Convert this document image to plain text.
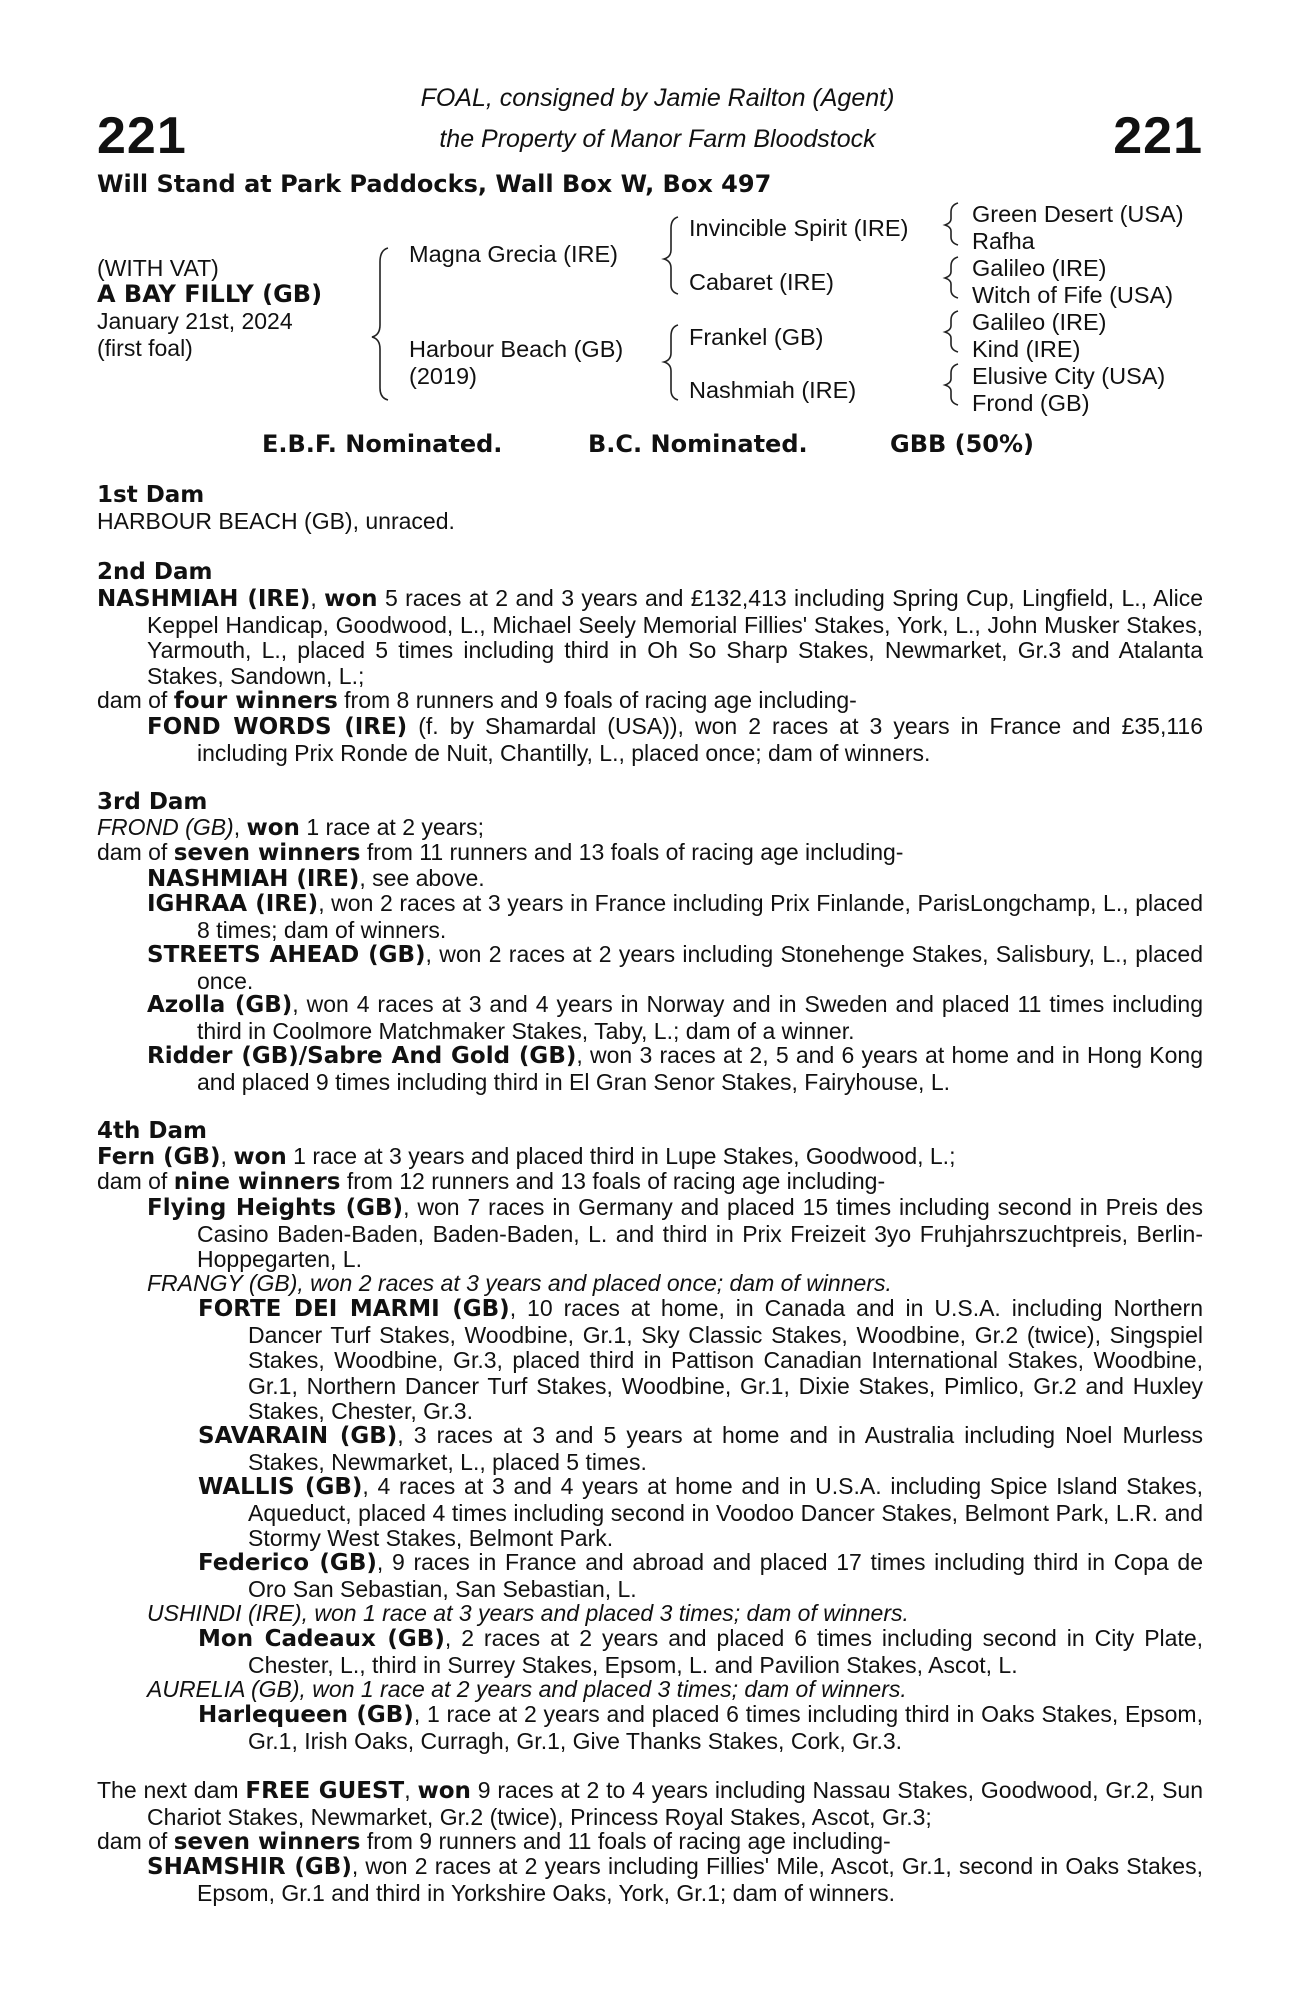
221	221
FOAL, consigned by Jamie Railton (Agent)
the Property of Manor Farm Bloodstock
Will Stand at Park Paddocks, Wall Box W, Box 497
(WITH VAT)
A BAY FILLY (GB)
January 21st, 2024
(first foal)
Magna Grecia (IRE)
Harbour Beach (GB)
(2019)
Invincible Spirit (IRE)
Cabaret (IRE)
Frankel (GB)
Nashmiah (IRE)
Green Desert (USA)
Rafha
Galileo (IRE)
Witch of Fife (USA)
Galileo (IRE)
Kind (IRE)
Elusive City (USA)
Frond (GB)
E.B.F. Nominated.	B.C. Nominated.	GBB (50%)
1st Dam
HARBOUR BEACH (GB), unraced.
2nd Dam
NASHMIAH (IRE), won 5 races at 2 and 3 years and £132,413 including Spring Cup, Lingfield, L., Alice Keppel Handicap, Goodwood, L., Michael Seely Memorial Fillies' Stakes, York, L., John Musker Stakes, Yarmouth, L., placed 5 times including third in Oh So Sharp Stakes, Newmarket, Gr.3 and Atalanta Stakes, Sandown, L.;
dam of four winners from 8 runners and 9 foals of racing age including-
FOND WORDS (IRE) (f. by Shamardal (USA)), won 2 races at 3 years in France and £35,116 including Prix Ronde de Nuit, Chantilly, L., placed once; dam of winners.
3rd Dam
FROND (GB), won 1 race at 2 years;
dam of seven winners from 11 runners and 13 foals of racing age including-
NASHMIAH (IRE), see above.
IGHRAA (IRE), won 2 races at 3 years in France including Prix Finlande, ParisLongchamp, L., placed 8 times; dam of winners.
STREETS AHEAD (GB), won 2 races at 2 years including Stonehenge Stakes, Salisbury, L., placed once.
Azolla (GB), won 4 races at 3 and 4 years in Norway and in Sweden and placed 11 times including third in Coolmore Matchmaker Stakes, Taby, L.; dam of a winner.
Ridder (GB)/Sabre And Gold (GB), won 3 races at 2, 5 and 6 years at home and in Hong Kong and placed 9 times including third in El Gran Senor Stakes, Fairyhouse, L.
4th Dam
Fern (GB), won 1 race at 3 years and placed third in Lupe Stakes, Goodwood, L.;
dam of nine winners from 12 runners and 13 foals of racing age including-
Flying Heights (GB), won 7 races in Germany and placed 15 times including second in Preis des Casino Baden-Baden, Baden-Baden, L. and third in Prix Freizeit 3yo Fruhjahrszuchtpreis, Berlin-Hoppegarten, L.
FRANGY (GB), won 2 races at 3 years and placed once; dam of winners.
FORTE DEI MARMI (GB), 10 races at home, in Canada and in U.S.A. including Northern Dancer Turf Stakes, Woodbine, Gr.1, Sky Classic Stakes, Woodbine, Gr.2 (twice), Singspiel Stakes, Woodbine, Gr.3, placed third in Pattison Canadian International Stakes, Woodbine, Gr.1, Northern Dancer Turf Stakes, Woodbine, Gr.1, Dixie Stakes, Pimlico, Gr.2 and Huxley Stakes, Chester, Gr.3.
SAVARAIN (GB), 3 races at 3 and 5 years at home and in Australia including Noel Murless Stakes, Newmarket, L., placed 5 times.
WALLIS (GB), 4 races at 3 and 4 years at home and in U.S.A. including Spice Island Stakes, Aqueduct, placed 4 times including second in Voodoo Dancer Stakes, Belmont Park, L.R. and Stormy West Stakes, Belmont Park.
Federico (GB), 9 races in France and abroad and placed 17 times including third in Copa de Oro San Sebastian, San Sebastian, L.
USHINDI (IRE), won 1 race at 3 years and placed 3 times; dam of winners.
Mon Cadeaux (GB), 2 races at 2 years and placed 6 times including second in City Plate, Chester, L., third in Surrey Stakes, Epsom, L. and Pavilion Stakes, Ascot, L.
AURELIA (GB), won 1 race at 2 years and placed 3 times; dam of winners.
Harlequeen (GB), 1 race at 2 years and placed 6 times including third in Oaks Stakes, Epsom, Gr.1, Irish Oaks, Curragh, Gr.1, Give Thanks Stakes, Cork, Gr.3.
The next dam FREE GUEST, won 9 races at 2 to 4 years including Nassau Stakes, Goodwood, Gr.2, Sun Chariot Stakes, Newmarket, Gr.2 (twice), Princess Royal Stakes, Ascot, Gr.3;
dam of seven winners from 9 runners and 11 foals of racing age including-
SHAMSHIR (GB), won 2 races at 2 years including Fillies' Mile, Ascot, Gr.1, second in Oaks Stakes, Epsom, Gr.1 and third in Yorkshire Oaks, York, Gr.1; dam of winners.
